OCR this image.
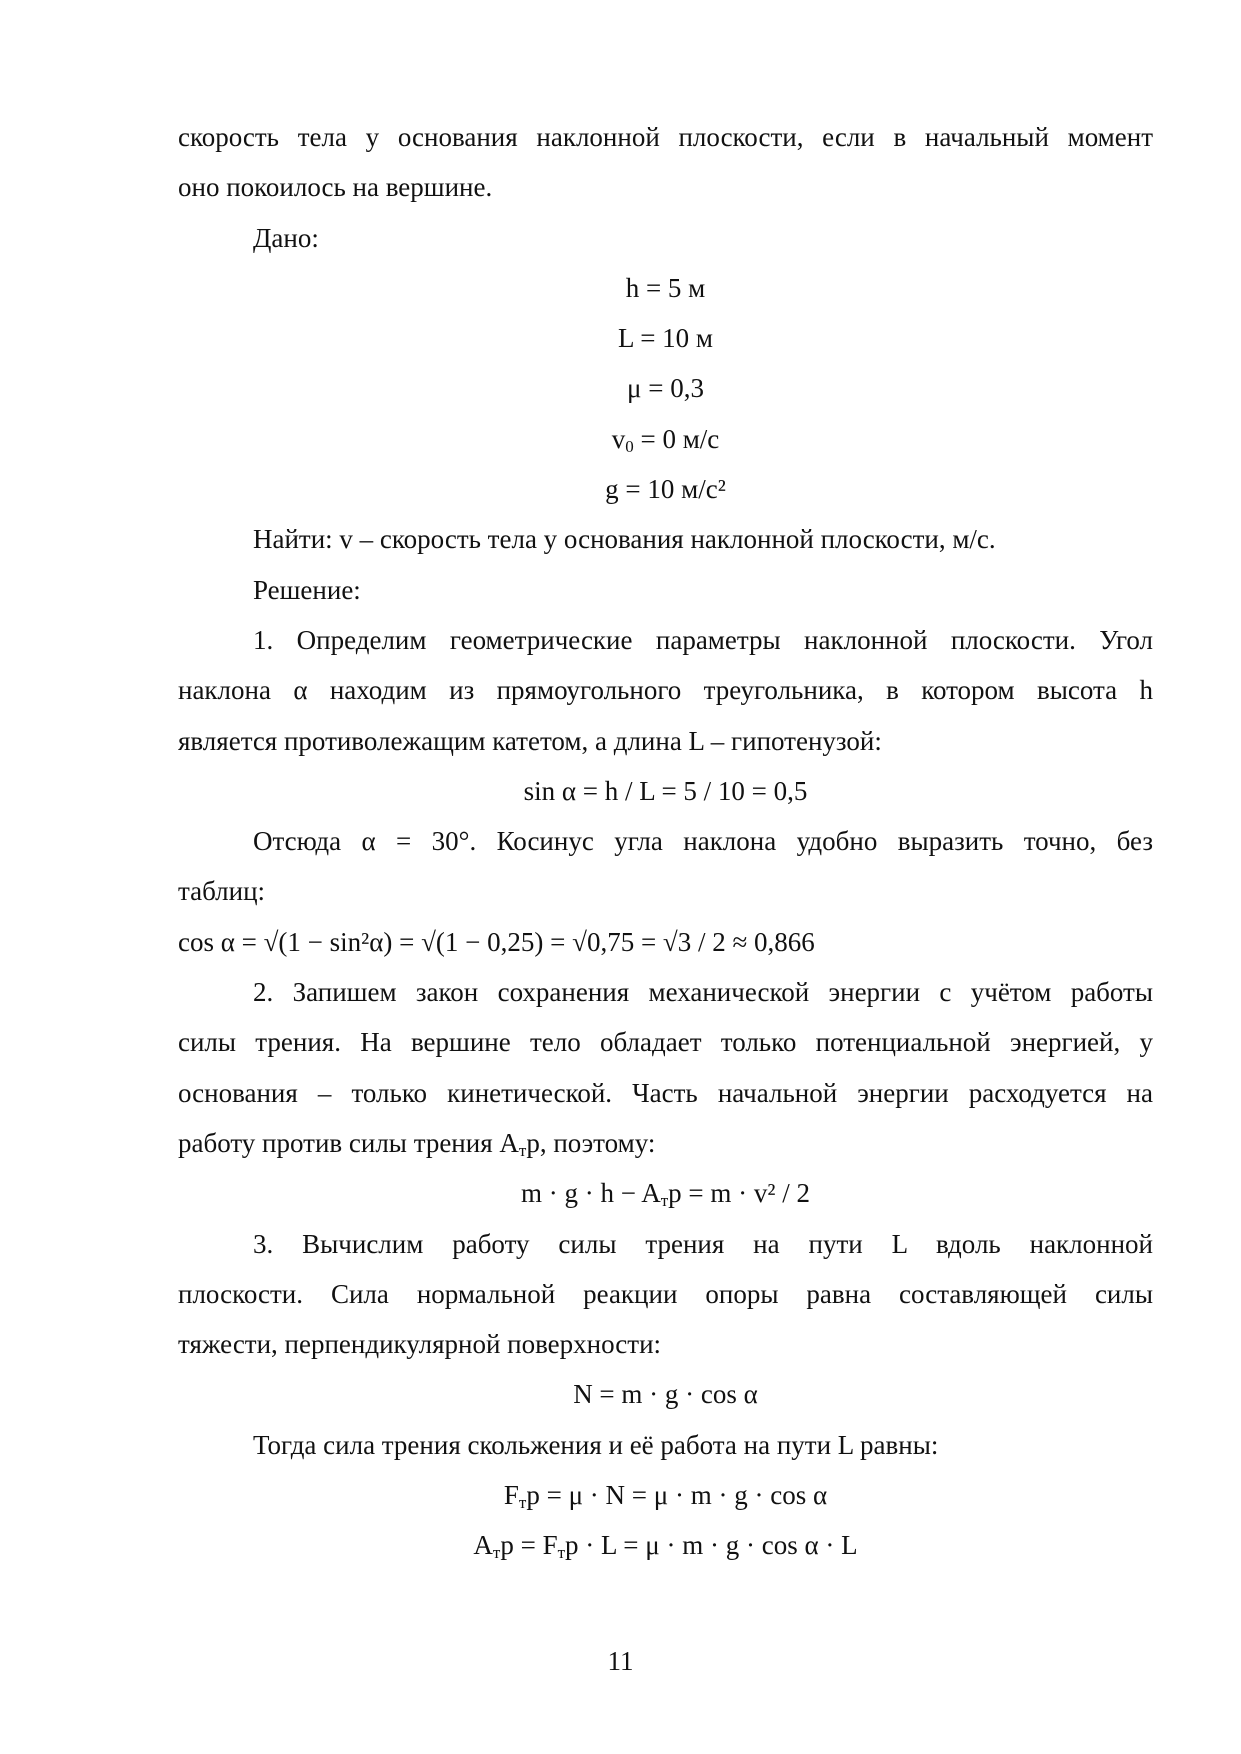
скорость тела у основания наклонной плоскости, если в начальный момент
оно покоилось на вершине.
Дано:
h = 5 м
L = 10 м
μ = 0,3
$v_0 = 0$ м/с
g = 10 м/с²
Найти: v – скорость тела у основания наклонной плоскости, м/с.
Решение:
1. Определим геометрические параметры наклонной плоскости. Угол
наклона α находим из прямоугольного треугольника, в котором высота h
является противолежащим катетом, а длина L – гипотенузой:
sin α = h / L = 5 / 10 = 0,5
Отсюда α = 30°. Косинус угла наклона удобно выразить точно, без
таблиц:
cos α = √(1 − sin²α) = √(1 − 0,25) = √0,75 = √3 / 2 ≈ 0,866
2. Запишем закон сохранения механической энергии с учётом работы
силы трения. На вершине тело обладает только потенциальной энергией, у
основания – только кинетической. Часть начальной энергии расходуется на
работу против силы трения $A_тр$, поэтому:
$m \cdot g \cdot h - A_тр = m \cdot v^2 / 2$
3. Вычислим работу силы трения на пути L вдоль наклонной
плоскости. Сила нормальной реакции опоры равна составляющей силы
тяжести, перпендикулярной поверхности:
N = m · g · cos α
Тогда сила трения скольжения и её работа на пути L равны:
$F_тр = \mu \cdot N = \mu \cdot m \cdot g \cdot \cos \alpha$
$A_тр = F_тр \cdot L = \mu \cdot m \cdot g \cdot \cos \alpha \cdot L$
11
